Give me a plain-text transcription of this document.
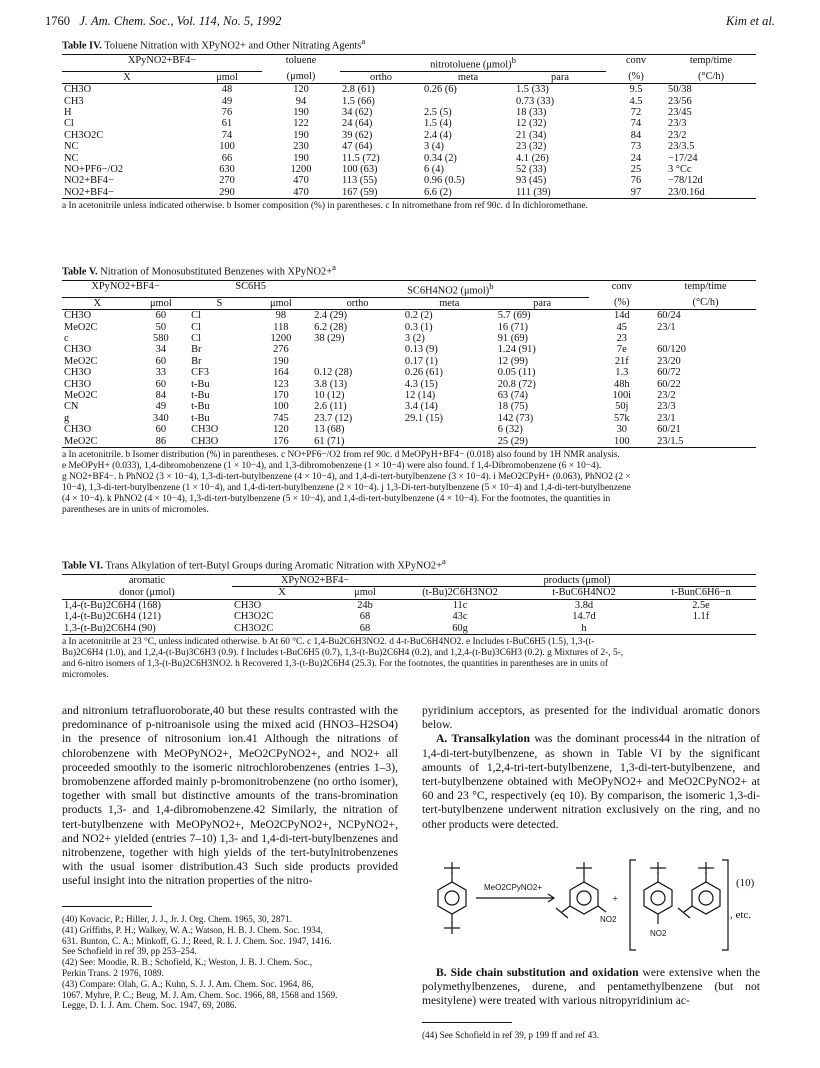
1760 J. Am. Chem. Soc., Vol. 114, No. 5, 1992	Kim et al.
Table IV. Toluene Nitration with XPyNO2+ and Other Nitrating Agents$^a$
XPyNO2+BF4−		toluene	nitrotoluene $(\mu mol)^b$			conv	temp/time
X	μmol	(μmol)	ortho	meta	para	(%)	(°C/h)
CH3O	48	120	2.8 (61)	0.26 (6)	1.5 (33)	9.5	50/38
CH3	49	94	1.5 (66)		0.73 (33)	4.5	23/56
H	76	190	34 (62)	2.5 (5)	18 (33)	72	23/45
Cl	61	122	24 (64)	1.5 (4)	12 (32)	74	23/3
CH3O2C	74	190	39 (62)	2.4 (4)	21 (34)	84	23/2
NC	100	230	47 (64)	3 (4)	23 (32)	73	23/3.5
NC	66	190	11.5 (72)	0.34 (2)	4.1 (26)	24	−17/24
NO+PF6−/O2	630	1200	100 (63)	6 (4)	52 (33)	25	3 °Cc
NO2+BF4−	270	470	113 (55)	0.96 (0.5)	93 (45)	76	−78/12d
NO2+BF4−	290	470	167 (59)	6.6 (2)	111 (39)	97	23/0.16d
a In acetonitrile unless indicated otherwise. b Isomer composition (%) in parentheses. c In nitromethane from ref 90c. d In dichloromethane.
Table V. Nitration of Monosubstituted Benzenes with XPyNO2+$^a$
XPyNO2+BF4−		SC6H5		SC6H4NO2 $(\mu mol)^b$			conv	temp/time
X	μmol	S	μmol	ortho	meta	para	(%)	(°C/h)
CH3O	60	Cl	98	2.4 (29)	0.2 (2)	5.7 (69)	14d	60/24
MeO2C	50	Cl	118	6.2 (28)	0.3 (1)	16 (71)	45	23/1
c	580	Cl	1200	38 (29)	3 (2)	91 (69)	23	
CH3O	34	Br	276		0.13 (9)	1.24 (91)	7e	60/120
MeO2C	60	Br	190		0.17 (1)	12 (99)	21f	23/20
CH3O	33	CF3	164	0.12 (28)	0.26 (61)	0.05 (11)	1.3	60/72
CH3O	60	t-Bu	123	3.8 (13)	4.3 (15)	20.8 (72)	48h	60/22
MeO2C	84	t-Bu	170	10 (12)	12 (14)	63 (74)	100i	23/2
CN	49	t-Bu	100	2.6 (11)	3.4 (14)	18 (75)	50j	23/3
g	340	t-Bu	745	23.7 (12)	29.1 (15)	142 (73)	57k	23/1
CH3O	60	CH3O	120	13 (68)		6 (32)	30	60/21
MeO2C	86	CH3O	176	61 (71)		25 (29)	100	23/1.5
a In acetonitrile. b Isomer distribution (%) in parentheses. c NO+PF6−/O2 from ref 90c. d MeOPyH+BF4− (0.018) also found by 1H NMR analysis.
e MeOPyH+ (0.033), 1,4-dibromobenzene (1 × 10−4), and 1,3-dibromobenzene (1 × 10−4) were also found. f 1,4-Dibromobenzene (6 × 10−4).
g NO2+BF4−. h PhNO2 (3 × 10−4), 1,3-di-tert-butylbenzene (4 × 10−4), and 1,4-di-tert-butylbenzene (3 × 10−4). i MeO2CPyH+ (0.063), PhNO2 (2 ×
10−4), 1,3-di-tert-butylbenzene (1 × 10−4), and 1,4-di-tert-butylbenzene (2 × 10−4). j 1,3-Di-tert-butylbenzene (5 × 10−4) and 1,4-di-tert-butylbenzene
(4 × 10−4). k PhNO2 (4 × 10−4), 1,3-di-tert-butylbenzene (5 × 10−4), and 1,4-di-tert-butylbenzene (4 × 10−4). For the footnotes, the quantities in
parentheses are in units of micromoles.
Table VI. Trans Alkylation of tert-Butyl Groups during Aromatic Nitration with XPyNO2+$^a$
aromatic	XPyNO2+BF4−		products (μmol)		
donor (μmol)	X	μmol	(t-Bu)2C6H3NO2	t-BuC6H4NO2	t-BunC6H6−n
1,4-(t-Bu)2C6H4 (168)	CH3O	24b	11c	3.8d	2.5e
1,4-(t-Bu)2C6H4 (121)	CH3O2C	68	43c	14.7d	1.1f
1,3-(t-Bu)2C6H4 (90)	CH3O2C	68	60g	h	
a In acetonitrile at 23 °C, unless indicated otherwise. b At 60 °C. c 1,4-Bu2C6H3NO2. d 4-t-BuC6H4NO2. e Includes t-BuC6H5 (1.5), 1,3-(t-
Bu)2C6H4 (1.0), and 1,2,4-(t-Bu)3C6H3 (0.9). f Includes t-BuC6H5 (0.7), 1,3-(t-Bu)2C6H4 (0.2), and 1,2,4-(t-Bu)3C6H3 (0.2). g Mixtures of 2-, 5-,
and 6-nitro isomers of 1,3-(t-Bu)2C6H3NO2. h Recovered 1,3-(t-Bu)2C6H4 (25.3). For the footnotes, the quantities in parentheses are in units of
micromoles.

and nitronium tetrafluoroborate,40 but these results contrasted with the predominance of p-nitroanisole using the mixed acid (HNO3–H2SO4) in the presence of nitrosonium ion.41 Although the nitrations of chlorobenzene with MeOPyNO2+, MeO2CPyNO2+, and NO2+ all proceeded smoothly to the isomeric nitrochlorobenzenes (entries 1–3), bromobenzene afforded mainly p-bromonitrobenzene (no ortho isomer), together with small but distinctive amounts of the trans-bromination products 1,3- and 1,4-dibromobenzene.42 Similarly, the nitration of tert-butylbenzene with MeOPyNO2+, MeO2CPyNO2+, NCPyNO2+, and NO2+ yielded (entries 7–10) 1,3- and 1,4-di-tert-butylbenzenes and nitrobenzene, together with high yields of the tert-butylnitrobenzenes with the usual isomer distribution.43 Such side products provided useful insight into the nitration properties of the nitro-

(40) Kovacic, P.; Hiller, J. J., Jr. J. Org. Chem. 1965, 30, 2871.
(41) Griffiths, P. H.; Walkey, W. A.; Watson, H. B. J. Chem. Soc. 1934,
631. Bunton, C. A.; Minkoff, G. J.; Reed, R. I. J. Chem. Soc. 1947, 1416.
See Schofield in ref 39, pp 253–254.
(42) See: Moodie, R. B.; Schofield, K.; Weston, J. B. J. Chem. Soc.,
Perkin Trans. 2 1976, 1089.
(43) Compare: Olah, G. A.; Kuhn, S. J. J. Am. Chem. Soc. 1964, 86,
1067. Myhre, P. C.; Beug, M. J. Am. Chem. Soc. 1966, 88, 1568 and 1569.
Legge, D. I. J. Am. Chem. Soc. 1947, 69, 2086.

pyridinium acceptors, as presented for the individual aromatic donors below.

A. Transalkylation was the dominant process44 in the nitration of 1,4-di-tert-butylbenzene, as shown in Table VI by the significant amounts of 1,2,4-tri-tert-butylbenzene, 1,3-di-tert-butylbenzene, and tert-butylbenzene obtained with MeOPyNO2+ and MeO2CPyNO2+ at 60 and 23 °C, respectively (eq 10). By comparison, the isomeric 1,3-di-tert-butylbenzene underwent nitration exclusively on the ring, and no other products were detected.

MeO2CPyNO2+
NO2
NO2
+
, etc.
(10)

B. Side chain substitution and oxidation were extensive when the polymethylbenzenes, durene, and pentamethylbenzene (but not mesitylene) were treated with various nitropyridinium ac-

(44) See Schofield in ref 39, p 199 ff and ref 43.
